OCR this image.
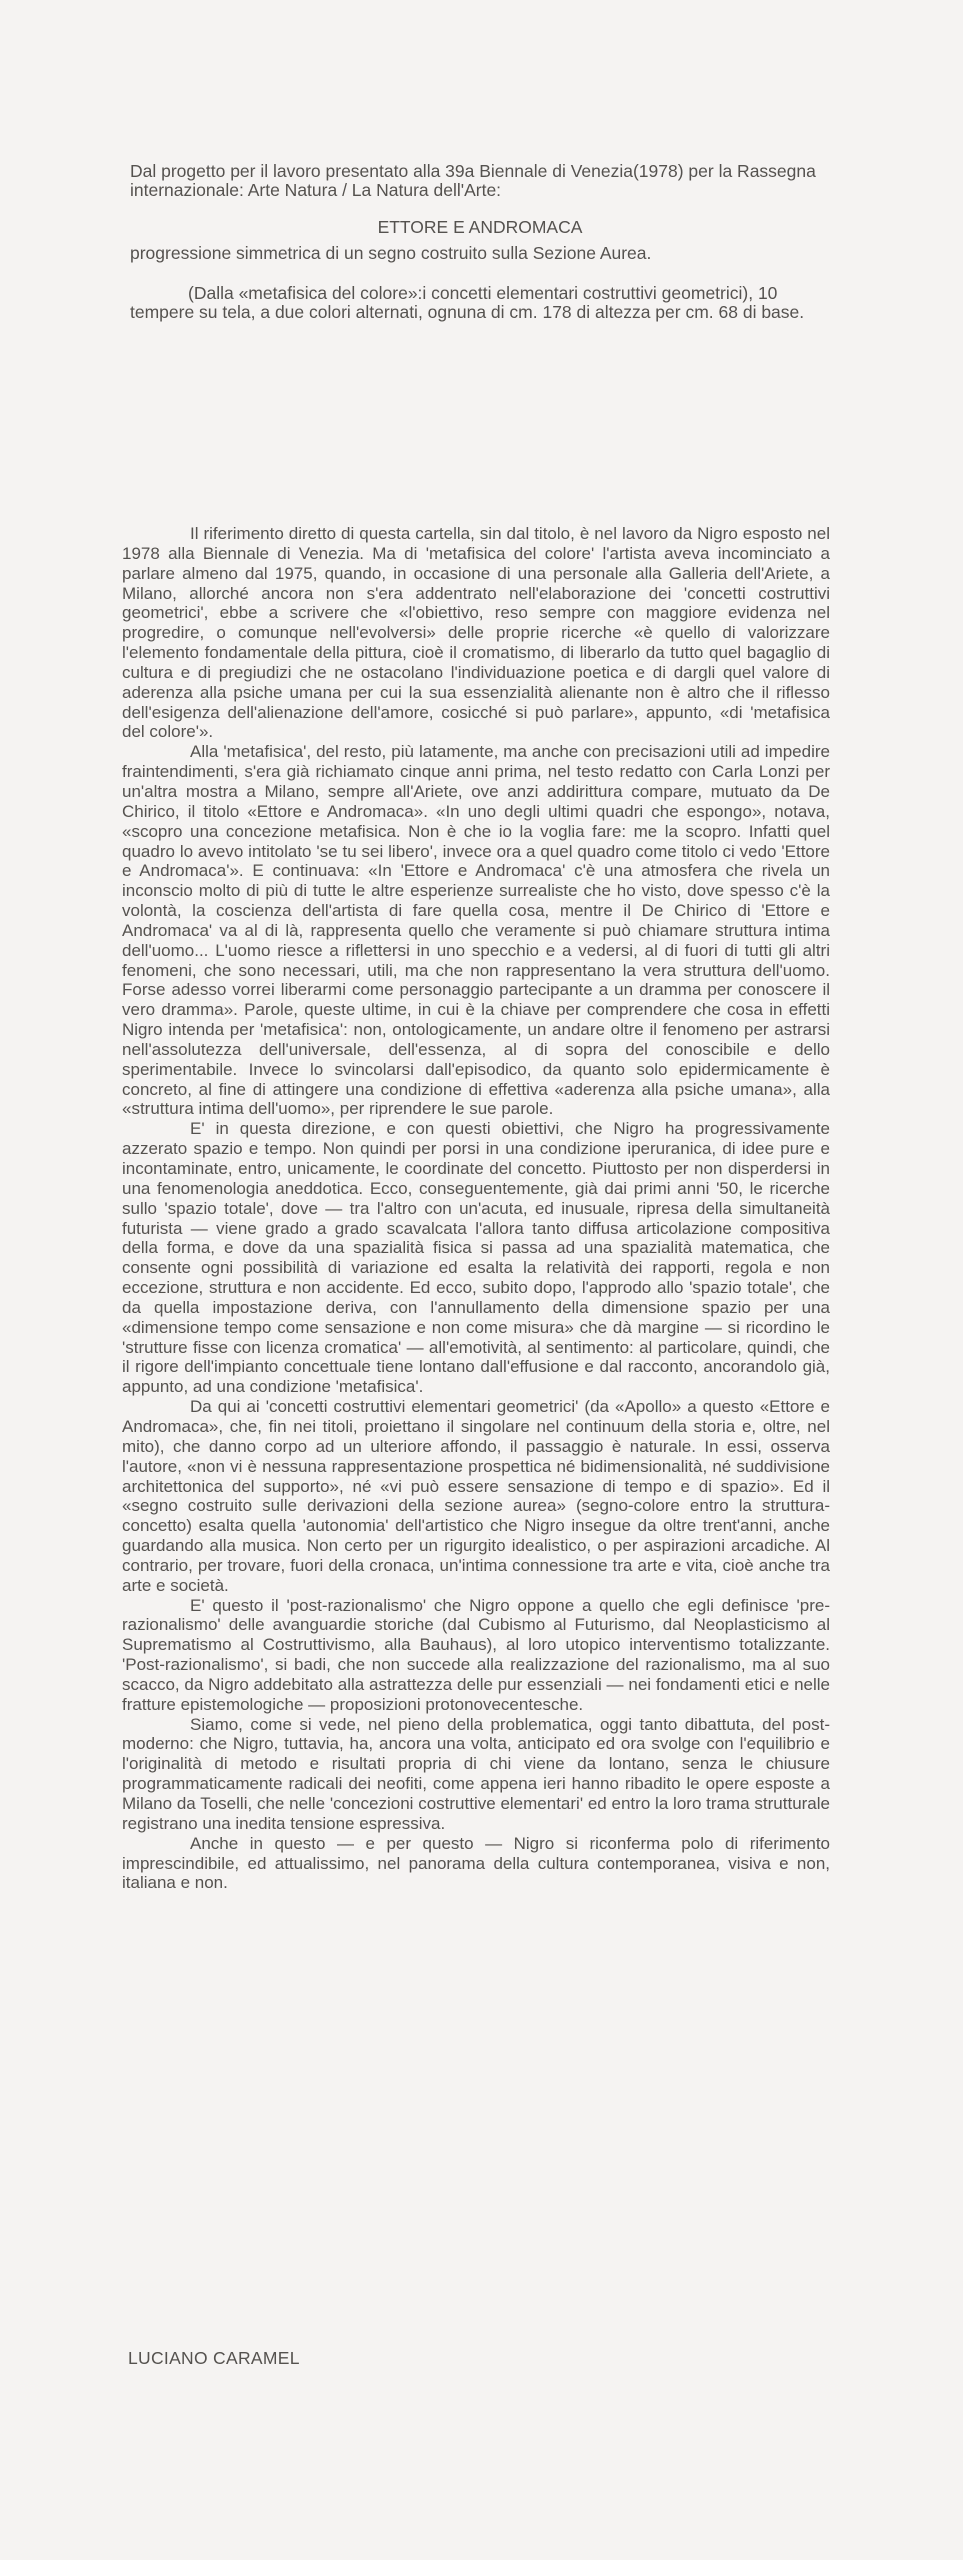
Dal progetto per il lavoro presentato alla 39a Biennale di Venezia(1978) per la Rassegna internazionale: Arte Natura / La Natura dell'Arte:

ETTORE E ANDROMACA

progressione simmetrica di un segno costruito sulla Sezione Aurea.

(Dalla «metafisica del colore»:i concetti elementari costruttivi geometrici), 10 tempere su tela, a due colori alternati, ognuna di cm. 178 di altezza per cm. 68 di base.

Il riferimento diretto di questa cartella, sin dal titolo, è nel lavoro da Nigro esposto nel 1978 alla Biennale di Venezia. Ma di 'metafisica del colore' l'artista aveva incominciato a parlare almeno dal 1975, quando, in occasione di una personale alla Galleria dell'Ariete, a Milano, allorché ancora non s'era addentrato nell'elaborazione dei 'concetti costruttivi geometrici', ebbe a scrivere che «l'obiettivo, reso sempre con maggiore evidenza nel progredire, o comunque nell'evolversi» delle proprie ricerche «è quello di valorizzare l'elemento fondamentale della pittura, cioè il cromatismo, di liberarlo da tutto quel bagaglio di cultura e di pregiudizi che ne ostacolano l'individuazione poetica e di dargli quel valore di aderenza alla psiche umana per cui la sua essenzialità alienante non è altro che il riflesso dell'esigenza dell'alienazione dell'amore, cosicché si può parlare», appunto, «di 'metafisica del colore'».

Alla 'metafisica', del resto, più latamente, ma anche con precisazioni utili ad impedire fraintendimenti, s'era già richiamato cinque anni prima, nel testo redatto con Carla Lonzi per un'altra mostra a Milano, sempre all'Ariete, ove anzi addirittura compare, mutuato da De Chirico, il titolo «Ettore e Andromaca». «In uno degli ultimi quadri che espongo», notava, «scopro una concezione metafisica. Non è che io la voglia fare: me la scopro. Infatti quel quadro lo avevo intitolato 'se tu sei libero', invece ora a quel quadro come titolo ci vedo 'Ettore e Andromaca'». E continuava: «In 'Ettore e Andromaca' c'è una atmosfera che rivela un inconscio molto di più di tutte le altre esperienze surrealiste che ho visto, dove spesso c'è la volontà, la coscienza dell'artista di fare quella cosa, mentre il De Chirico di 'Ettore e Andromaca' va al di là, rappresenta quello che veramente si può chiamare struttura intima dell'uomo... L'uomo riesce a riflettersi in uno specchio e a vedersi, al di fuori di tutti gli altri fenomeni, che sono necessari, utili, ma che non rappresentano la vera struttura dell'uomo. Forse adesso vorrei liberarmi come personaggio partecipante a un dramma per conoscere il vero dramma». Parole, queste ultime, in cui è la chiave per comprendere che cosa in effetti Nigro intenda per 'metafisica': non, ontologicamente, un andare oltre il fenomeno per astrarsi nell'assolutezza dell'universale, dell'essenza, al di sopra del conoscibile e dello sperimentabile. Invece lo svincolarsi dall'episodico, da quanto solo epidermicamente è concreto, al fine di attingere una condizione di effettiva «aderenza alla psiche umana», alla «struttura intima dell'uomo», per riprendere le sue parole.

E' in questa direzione, e con questi obiettivi, che Nigro ha progressivamente azzerato spazio e tempo. Non quindi per porsi in una condizione iperuranica, di idee pure e incontaminate, entro, unicamente, le coordinate del concetto. Piuttosto per non disperdersi in una fenomenologia aneddotica. Ecco, conseguentemente, già dai primi anni '50, le ricerche sullo 'spazio totale', dove — tra l'altro con un'acuta, ed inusuale, ripresa della simultaneità futurista — viene grado a grado scavalcata l'allora tanto diffusa articolazione compositiva della forma, e dove da una spazialità fisica si passa ad una spazialità matematica, che consente ogni possibilità di variazione ed esalta la relatività dei rapporti, regola e non eccezione, struttura e non accidente. Ed ecco, subito dopo, l'approdo allo 'spazio totale', che da quella impostazione deriva, con l'annullamento della dimensione spazio per una «dimensione tempo come sensazione e non come misura» che dà margine — si ricordino le 'strutture fisse con licenza cromatica' — all'emotività, al sentimento: al particolare, quindi, che il rigore dell'impianto concettuale tiene lontano dall'effusione e dal racconto, ancorandolo già, appunto, ad una condizione 'metafisica'.

Da qui ai 'concetti costruttivi elementari geometrici' (da «Apollo» a questo «Ettore e Andromaca», che, fin nei titoli, proiettano il singolare nel continuum della storia e, oltre, nel mito), che danno corpo ad un ulteriore affondo, il passaggio è naturale. In essi, osserva l'autore, «non vi è nessuna rappresentazione prospettica né bidimensionalità, né suddivisione architettonica del supporto», né «vi può essere sensazione di tempo e di spazio». Ed il «segno costruito sulle derivazioni della sezione aurea» (segno-colore entro la struttura-concetto) esalta quella 'autonomia' dell'artistico che Nigro insegue da oltre trent'anni, anche guardando alla musica. Non certo per un rigurgito idealistico, o per aspirazioni arcadiche. Al contrario, per trovare, fuori della cronaca, un'intima connessione tra arte e vita, cioè anche tra arte e società.

E' questo il 'post-razionalismo' che Nigro oppone a quello che egli definisce 'pre-razionalismo' delle avanguardie storiche (dal Cubismo al Futurismo, dal Neoplasticismo al Suprematismo al Costruttivismo, alla Bauhaus), al loro utopico interventismo totalizzante. 'Post-razionalismo', si badi, che non succede alla realizzazione del razionalismo, ma al suo scacco, da Nigro addebitato alla astrattezza delle pur essenziali — nei fondamenti etici e nelle fratture epistemologiche — proposizioni protonovecentesche.

Siamo, come si vede, nel pieno della problematica, oggi tanto dibattuta, del post-moderno: che Nigro, tuttavia, ha, ancora una volta, anticipato ed ora svolge con l'equilibrio e l'originalità di metodo e risultati propria di chi viene da lontano, senza le chiusure programmaticamente radicali dei neofiti, come appena ieri hanno ribadito le opere esposte a Milano da Toselli, che nelle 'concezioni costruttive elementari' ed entro la loro trama strutturale registrano una inedita tensione espressiva.

Anche in questo — e per questo — Nigro si riconferma polo di riferimento imprescindibile, ed attualissimo, nel panorama della cultura contemporanea, visiva e non, italiana e non.

LUCIANO CARAMEL
